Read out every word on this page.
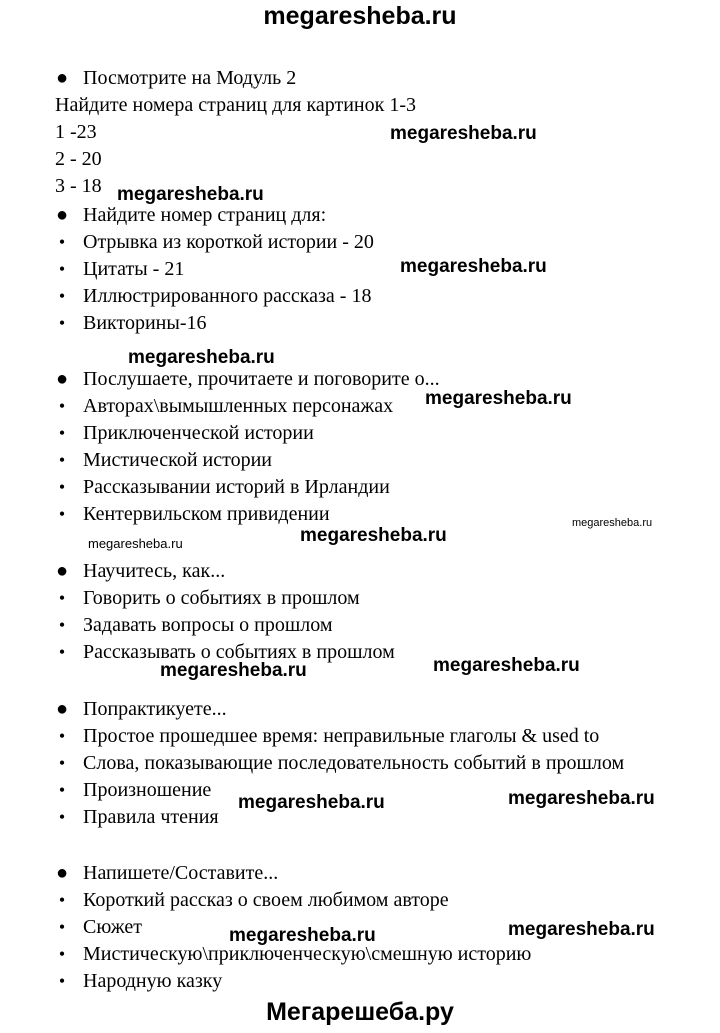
megaresheba.ru
● Посмотрите на Модуль 2
Найдите номера страниц для картинок 1-3
1 -23
2 - 20
3 - 18
● Найдите номер страниц для:
• Отрывка из короткой истории - 20
• Цитаты - 21
• Иллюстрированного рассказа - 18
• Викторины-16
● Послушаете, прочитаете и поговорите о...
• Авторах\вымышленных персонажах
• Приключенческой истории
• Мистической истории
• Рассказывании историй в Ирландии
• Кентервильском привидении
● Научитесь, как...
• Говорить о событиях в прошлом
• Задавать вопросы о прошлом
• Рассказывать о событиях в прошлом
● Попрактикуете...
• Простое прошедшее время: неправильные глаголы & used to
• Слова, показывающие последовательность событий в прошлом
• Произношение
• Правила чтения
● Напишете/Составите...
• Короткий рассказ о своем любимом авторе
• Сюжет
• Мистическую\приключенческую\смешную историю
• Народную казку
megaresheba.ru
megaresheba.ru
megaresheba.ru
megaresheba.ru
megaresheba.ru
megaresheba.ru
megaresheba.ru	megaresheba.ru
megaresheba.ru	megaresheba.ru
megaresheba.ru	megaresheba.ru
megaresheba.ru	megaresheba.ru
Мегарешеба.ру
